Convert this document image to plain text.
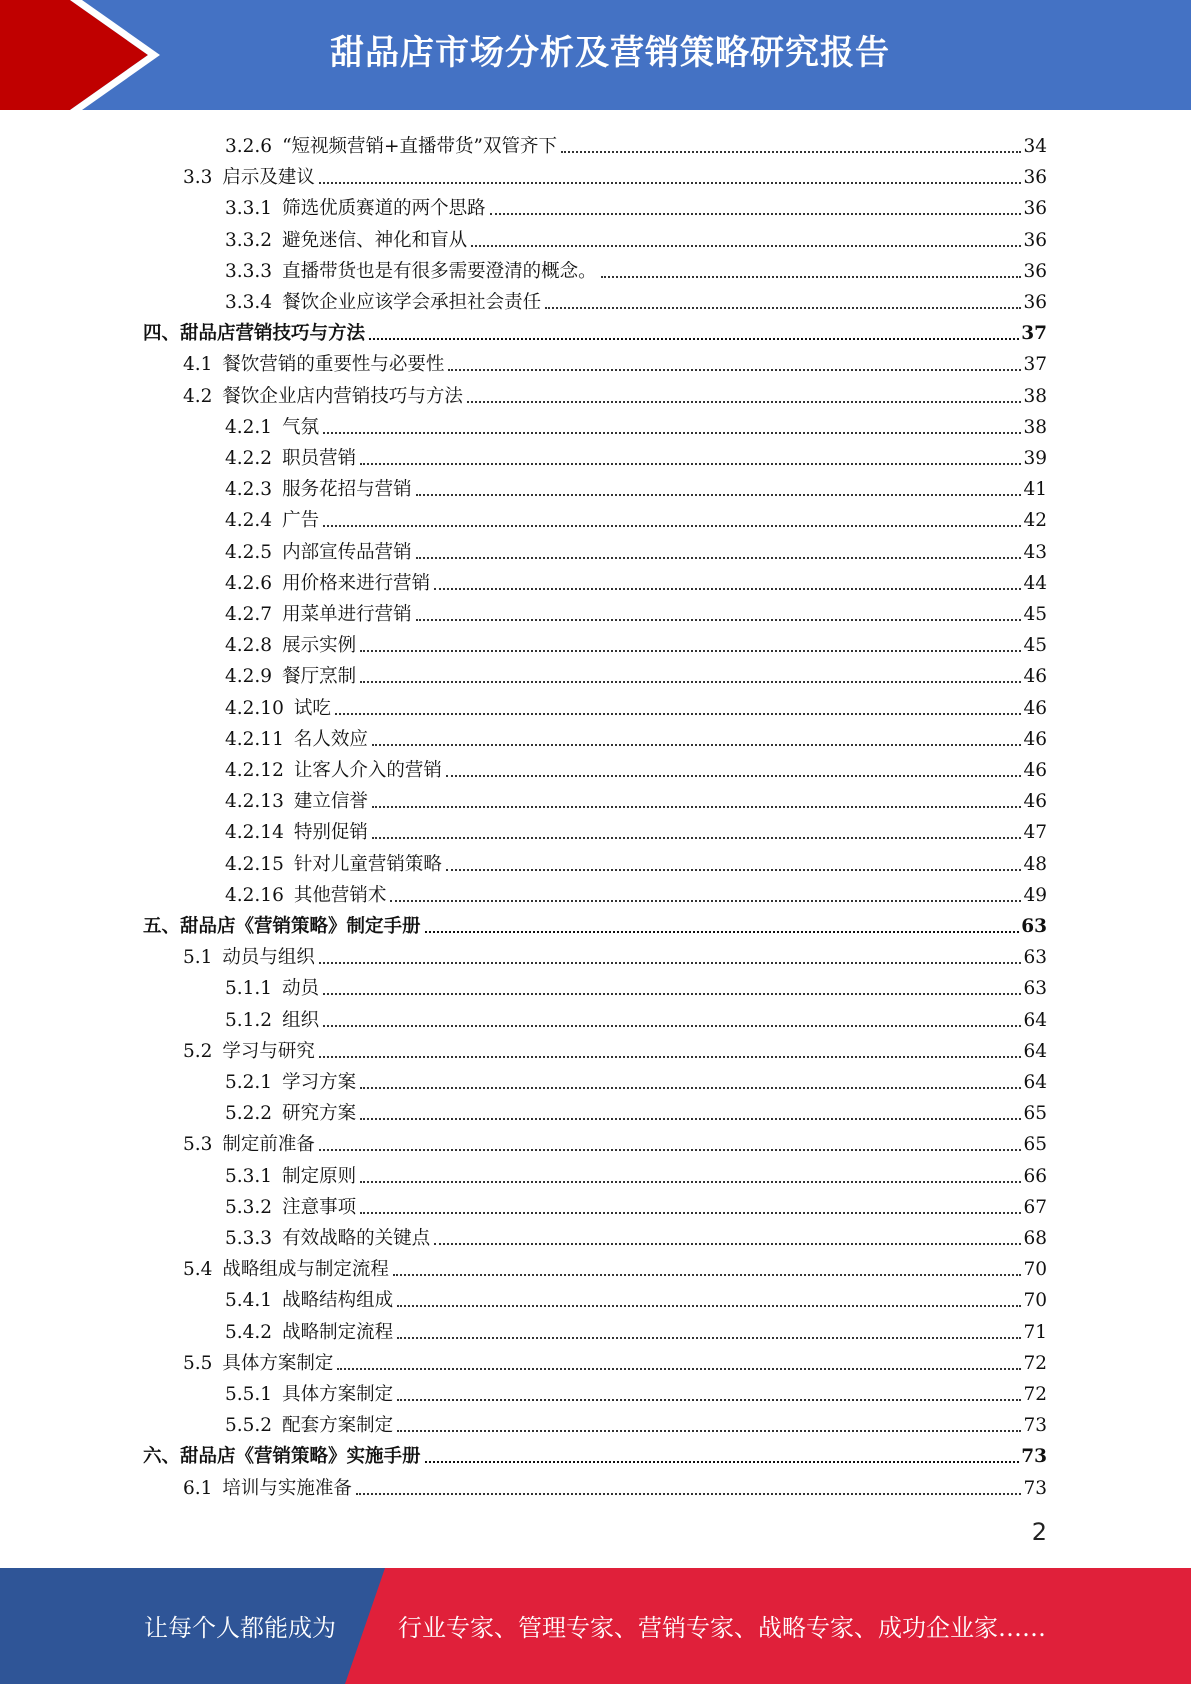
甜品店市场分析及营销策略研究报告
3.2.6 “短视频营销+直播带货”双管齐下	34
3.3 启示及建议	36
3.3.1 筛选优质赛道的两个思路	36
3.3.2 避免迷信、神化和盲从	36
3.3.3 直播带货也是有很多需要澄清的概念。	36
3.3.4 餐饮企业应该学会承担社会责任	36
四、甜品店营销技巧与方法	37
4.1 餐饮营销的重要性与必要性	37
4.2 餐饮企业店内营销技巧与方法	38
4.2.1 气氛	38
4.2.2 职员营销	39
4.2.3 服务花招与营销	41
4.2.4 广告	42
4.2.5 内部宣传品营销	43
4.2.6 用价格来进行营销	44
4.2.7 用菜单进行营销	45
4.2.8 展示实例	45
4.2.9 餐厅烹制	46
4.2.10 试吃	46
4.2.11 名人效应	46
4.2.12 让客人介入的营销	46
4.2.13 建立信誉	46
4.2.14 特别促销	47
4.2.15 针对儿童营销策略	48
4.2.16 其他营销术	49
五、甜品店《营销策略》制定手册	63
5.1 动员与组织	63
5.1.1 动员	63
5.1.2 组织	64
5.2 学习与研究	64
5.2.1 学习方案	64
5.2.2 研究方案	65
5.3 制定前准备	65
5.3.1 制定原则	66
5.3.2 注意事项	67
5.3.3 有效战略的关键点	68
5.4 战略组成与制定流程	70
5.4.1 战略结构组成	70
5.4.2 战略制定流程	71
5.5 具体方案制定	72
5.5.1 具体方案制定	72
5.5.2 配套方案制定	73
六、甜品店《营销策略》实施手册	73
6.1 培训与实施准备	73
2
让每个人都能成为	行业专家、管理专家、营销专家、战略专家、成功企业家……
